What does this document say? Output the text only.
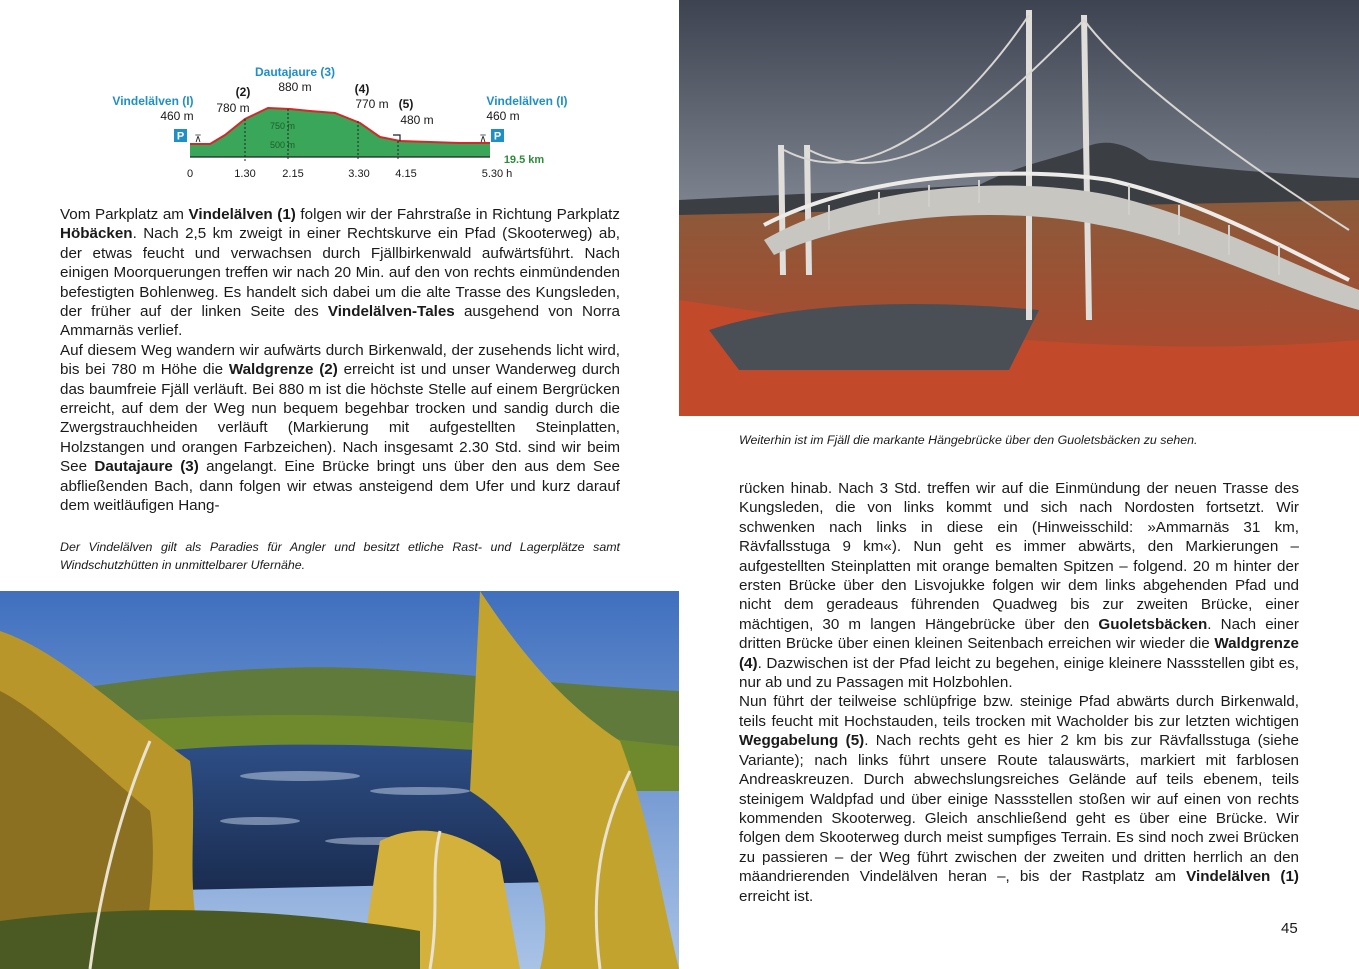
P	P
⊼	⊼
750 m
500 m
Vindelälven (I)
460 m
(2)
780 m
Dautajaure (3)
880 m	(4)
770 m (5)
480 m
Vindelälven (I)
460 m
19.5 km
0	1.30 2.15	3.30 4.15	5.30 h

Vom Parkplatz am Vindelälven (1) folgen wir der Fahrstraße in Richtung Parkplatz Höbäcken. Nach 2,5 km zweigt in einer Rechtskurve ein Pfad (Skooterweg) ab, der etwas feucht und verwachsen durch Fjällbirkenwald aufwärtsführt. Nach einigen Moorquerungen treffen wir nach 20 Min. auf den von rechts einmündenden befestigten Bohlenweg. Es handelt sich dabei um die alte Trasse des Kungsleden, der früher auf der linken Seite des Vindelälven-Tales ausgehend von Norra Ammarnäs verlief.
Auf diesem Weg wandern wir aufwärts durch Birkenwald, der zusehends licht wird, bis bei 780 m Höhe die Waldgrenze (2) erreicht ist und unser Wanderweg durch das baumfreie Fjäll verläuft. Bei 880 m ist die höchste Stelle auf einem Bergrücken erreicht, auf dem der Weg nun bequem begehbar trocken und sandig durch die Zwergstrauchheiden verläuft (Markierung mit aufgestellten Steinplatten, Holzstangen und orangen Farbzeichen). Nach insgesamt 2.30 Std. sind wir beim See Dautajaure (3) angelangt. Eine Brücke bringt uns über den aus dem See abfließenden Bach, dann folgen wir etwas ansteigend dem Ufer und kurz darauf dem weitläufigen Hang-

Der Vindelälven gilt als Paradies für Angler und besitzt etliche Rast- und Lagerplätze samt Windschutzhütten in unmittelbarer Ufernähe.

Weiterhin ist im Fjäll die markante Hängebrücke über den Guoletsbäcken zu sehen.

rücken hinab. Nach 3 Std. treffen wir auf die Einmündung der neuen Trasse des Kungsleden, die von links kommt und sich nach Nordosten fortsetzt. Wir schwenken nach links in diese ein (Hinweisschild: »Ammarnäs 31 km, Rävfallsstuga 9 km«). Nun geht es immer abwärts, den Markierungen – aufgestellten Steinplatten mit orange bemalten Spitzen – folgend. 20 m hinter der ersten Brücke über den Lisvojukke folgen wir dem links abgehenden Pfad und nicht dem geradeaus führenden Quadweg bis zur zweiten Brücke, einer mächtigen, 30 m langen Hängebrücke über den Guoletsbäcken. Nach einer dritten Brücke über einen kleinen Seitenbach erreichen wir wieder die Waldgrenze (4). Dazwischen ist der Pfad leicht zu begehen, einige kleinere Nassstellen gibt es, nur ab und zu Passagen mit Holzbohlen.
Nun führt der teilweise schlüpfrige bzw. steinige Pfad abwärts durch Birkenwald, teils feucht mit Hochstauden, teils trocken mit Wacholder bis zur letzten wichtigen Weggabelung (5). Nach rechts geht es hier 2 km bis zur Rävfallsstuga (siehe Variante); nach links führt unsere Route talauswärts, markiert mit farblosen Andreaskreuzen. Durch abwechslungsreiches Gelände auf teils ebenem, teils steinigem Waldpfad und über einige Nassstellen stoßen wir auf einen von rechts kommenden Skooterweg. Gleich anschließend geht es über eine Brücke. Wir folgen dem Skooterweg durch meist sumpfiges Terrain. Es sind noch zwei Brücken zu passieren – der Weg führt zwischen der zweiten und dritten herrlich an den mäandrierenden Vindelälven heran –, bis der Rastplatz am Vindelälven (1) erreicht ist.

45
